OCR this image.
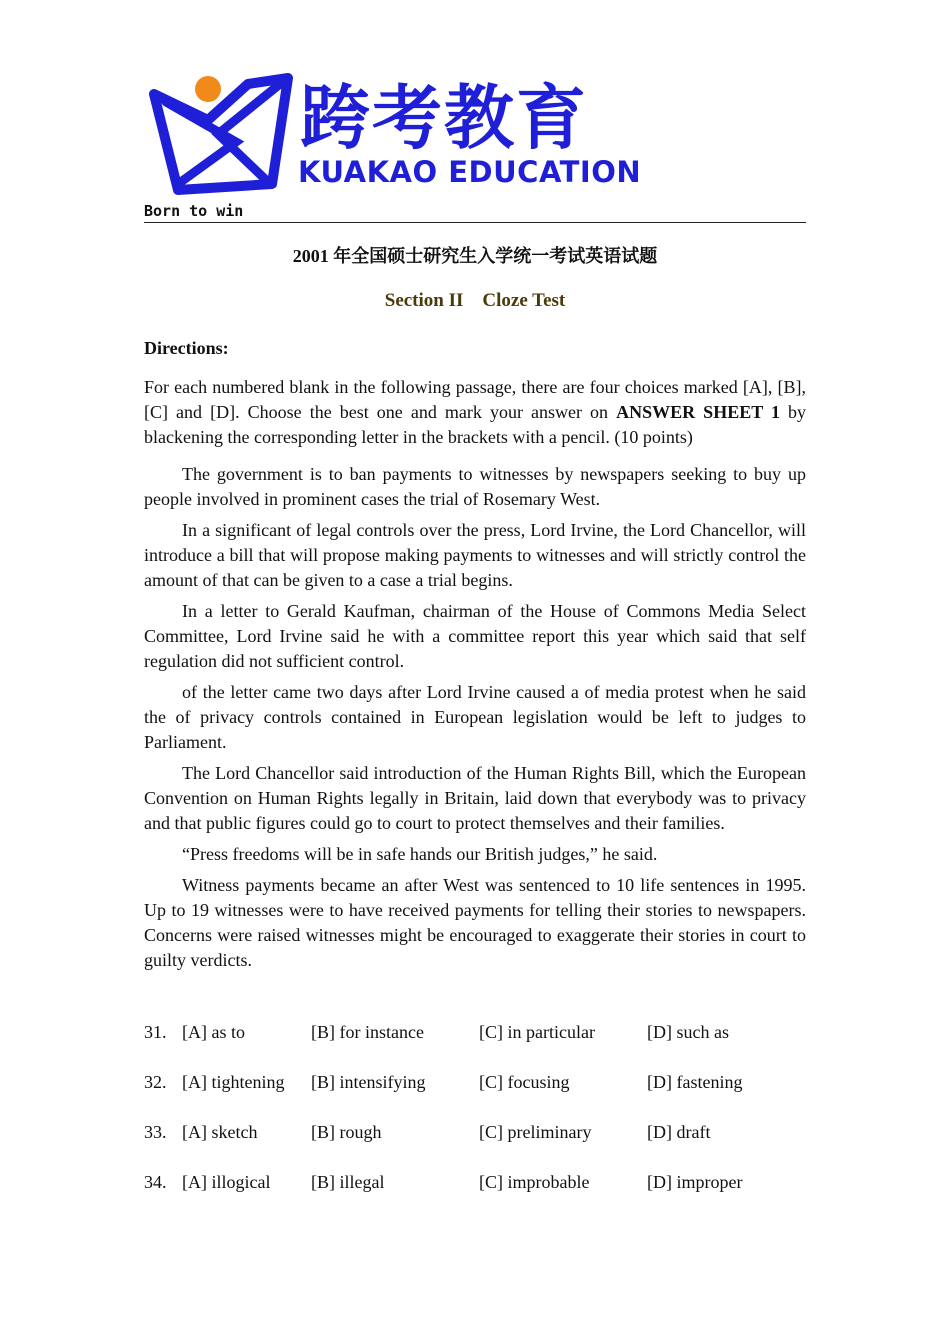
跨考教育
KUAKAO EDUCATION
Born to win
2001 年全国硕士研究生入学统一考试英语试题
Section II    Cloze Test
Directions:
For each numbered blank in the following passage, there are four choices marked [A], [B], [C] and [D]. Choose the best one and mark your answer on ANSWER SHEET 1 by blackening the corresponding letter in the brackets with a pencil. (10 points)

The government is to ban payments to witnesses by newspapers seeking to buy up people involved in prominent cases the trial of Rosemary West.

In a significant of legal controls over the press, Lord Irvine, the Lord Chancellor, will introduce a bill that will propose making payments to witnesses and will strictly control the amount of that can be given to a case a trial begins.

In a letter to Gerald Kaufman, chairman of the House of Commons Media Select Committee, Lord Irvine said he with a committee report this year which said that self regulation did not sufficient control.

of the letter came two days after Lord Irvine caused a of media protest when he said the of privacy controls contained in European legislation would be left to judges to Parliament.

The Lord Chancellor said introduction of the Human Rights Bill, which the European Convention on Human Rights legally in Britain, laid down that everybody was to privacy and that public figures could go to court to protect themselves and their families.

“Press freedoms will be in safe hands our British judges,” he said.

Witness payments became an after West was sentenced to 10 life sentences in 1995. Up to 19 witnesses were to have received payments for telling their stories to newspapers. Concerns were raised witnesses might be encouraged to exaggerate their stories in court to guilty verdicts.

31. [A] as to	[B] for instance	[C] in particular	[D] such as
32. [A] tightening [B] intensifying	[C] focusing	[D] fastening
33. [A] sketch	[B] rough	[C] preliminary	[D] draft
34. [A] illogical [B] illegal	[C] improbable	[D] improper
